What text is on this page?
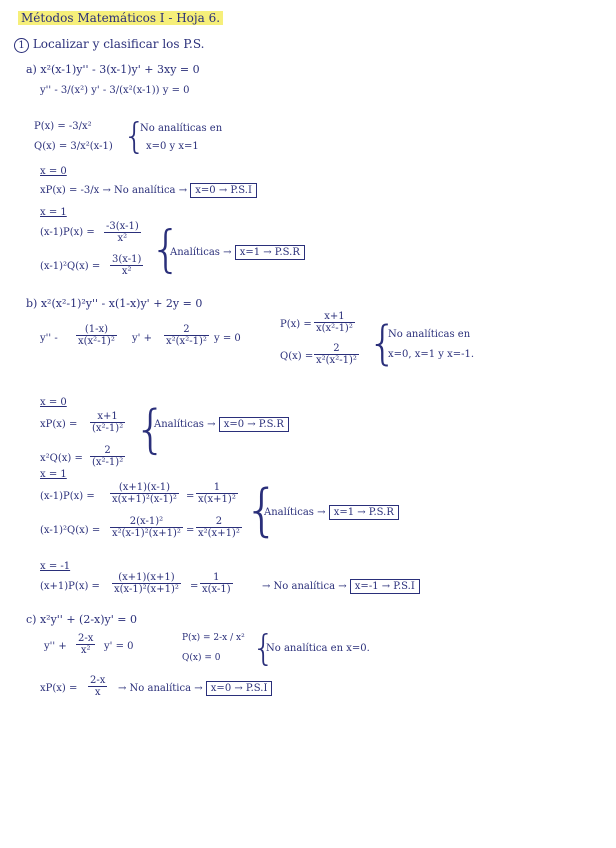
Métodos Matemáticos I - Hoja 6.
1 Localizar y clasificar los P.S.
a) x²(x-1)y'' - 3(x-1)y' + 3xy = 0
y'' - 3/(x²) y' - 3/(x²(x-1)) y = 0
P(x) = -3/x²
Q(x) = 3/x²(x-1) {
No analíticas en
x=0 y x=1
x = 0
xP(x) = -3/x → No analítica → x=0 → P.S.I
x = 1
(x-1)P(x) =
-3(x-1)
x²
(x-1)²Q(x) =
3(x-1)
x² {
Analíticas → x=1 → P.S.R
b) x²(x²-1)²y'' - x(1-x)y' + 2y = 0
y'' -
(1-x)
x(x²-1)² y' +
2
x²(x²-1)² y = 0
P(x) =
x+1
x(x²-1)²
Q(x) =
2
x²(x²-1)² {
No analíticas en
x=0, x=1 y x=-1.
x = 0
xP(x) =
x+1
(x²-1)²
x²Q(x) =
2
(x²-1)²
{
Analíticas → x=0 → P.S.R
x = 1
(x-1)P(x) =
(x+1)(x-1)
x(x+1)²(x-1)² =
1
x(x+1)²
(x-1)²Q(x) =
2(x-1)²
x²(x-1)²(x+1)² =
2
x²(x+1)² {
Analíticas → x=1 → P.S.R
x = -1
(x+1)P(x) =
(x+1)(x+1)
x(x-1)²(x+1)² =
1
x(x-1)	→ No analítica → x=-1 → P.S.I
c) x²y'' + (2-x)y' = 0
y'' +
2-x
x² y' = 0
P(x) = 2-x / x²
Q(x) = 0 {
No analítica en x=0.
xP(x) =
2-x
x → No analítica → x=0 → P.S.I
